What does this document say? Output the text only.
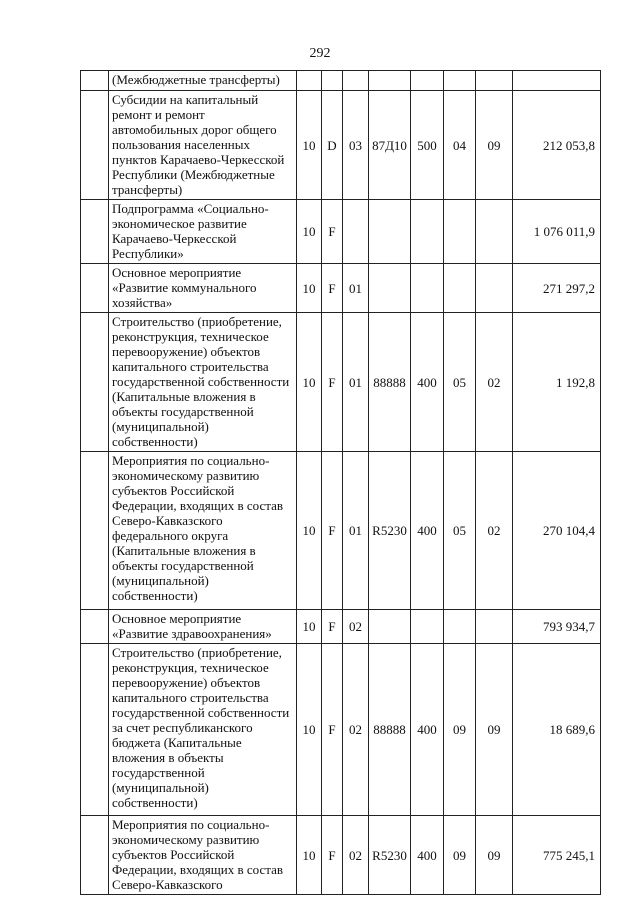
292
	(Межбюджетные трансферты)								
	Субсидии на капитальный ремонт и ремонт автомобильных дорог общего пользования населенных пунктов Карачаево-Черкесской Республики (Межбюджетные трансферты)	10	D	03	87Д10	500	04	09	212 053,8
	Подпрограмма «Социально-экономическое развитие Карачаево-Черкесской Республики»	10	F						1 076 011,9
	Основное мероприятие «Развитие коммунального хозяйства»	10	F	01					271 297,2
	Строительство (приобретение, реконструкция, техническое перевооружение) объектов капитального строительства государственной собственности (Капитальные вложения в объекты государственной (муниципальной) собственности)	10	F	01	88888	400	05	02	1 192,8
	Мероприятия по социально-экономическому развитию субъектов Российской Федерации, входящих в состав Северо-Кавказского федерального округа (Капитальные вложения в объекты государственной (муниципальной) собственности)	10	F	01	R5230	400	05	02	270 104,4
	Основное мероприятие «Развитие здравоохранения»	10	F	02					793 934,7
	Строительство (приобретение, реконструкция, техническое перевооружение) объектов капитального строительства государственной собственности за счет республиканского бюджета (Капитальные вложения в объекты государственной (муниципальной) собственности)	10	F	02	88888	400	09	09	18 689,6
	Мероприятия по социально-экономическому развитию субъектов Российской Федерации, входящих в состав Северо-Кавказского	10	F	02	R5230	400	09	09	775 245,1
